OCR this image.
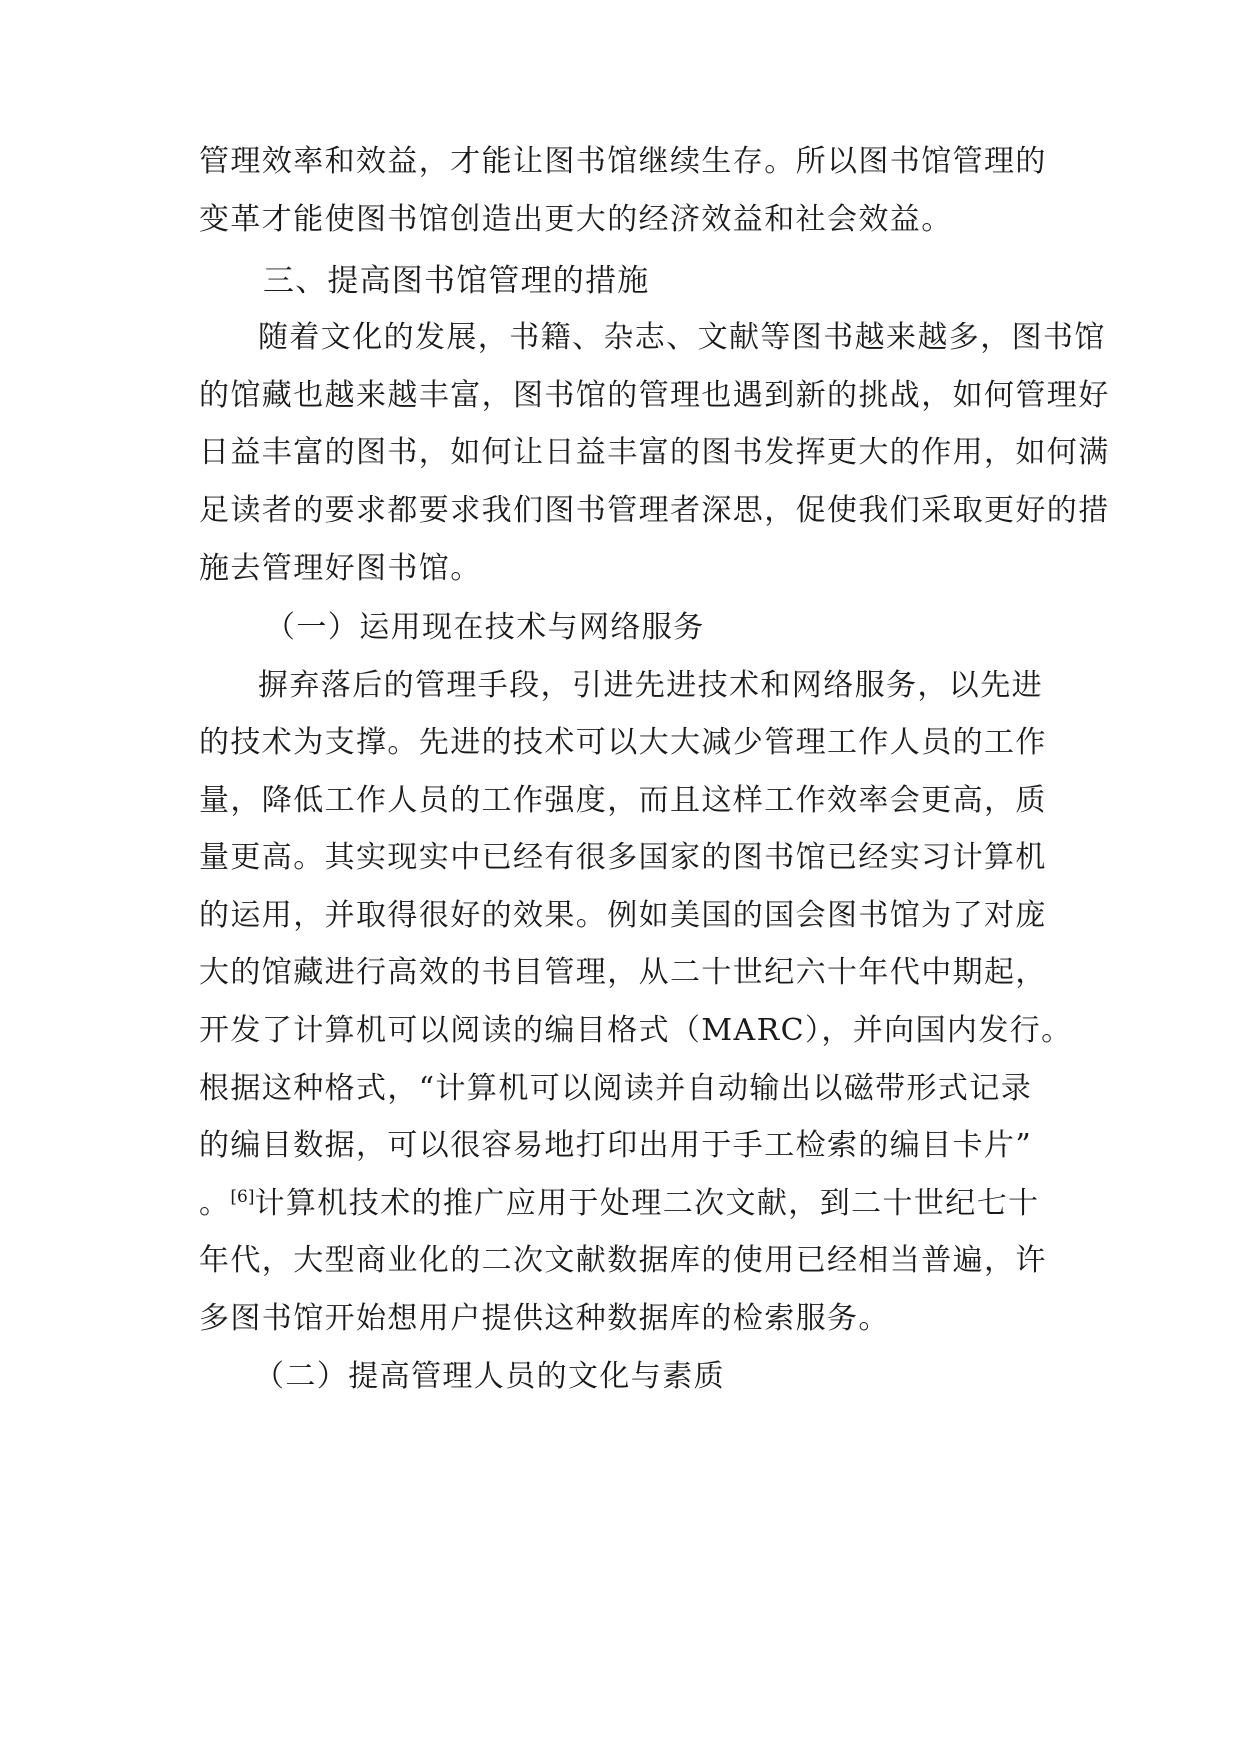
管理效率和效益，才能让图书馆继续生存。所以图书馆管理的
变革才能使图书馆创造出更大的经济效益和社会效益。
三、提高图书馆管理的措施
随着文化的发展，书籍、杂志、文献等图书越来越多，图书馆
的馆藏也越来越丰富，图书馆的管理也遇到新的挑战，如何管理好
日益丰富的图书，如何让日益丰富的图书发挥更大的作用，如何满
足读者的要求都要求我们图书管理者深思，促使我们采取更好的措
施去管理好图书馆。
（一）运用现在技术与网络服务
摒弃落后的管理手段，引进先进技术和网络服务，以先进
的技术为支撑。先进的技术可以大大减少管理工作人员的工作
量，降低工作人员的工作强度，而且这样工作效率会更高，质
量更高。其实现实中已经有很多国家的图书馆已经实习计算机
的运用，并取得很好的效果。例如美国的国会图书馆为了对庞
大的馆藏进行高效的书目管理，从二十世纪六十年代中期起，
开发了计算机可以阅读的编目格式（MARC），并向国内发行。
根据这种格式，“计算机可以阅读并自动输出以磁带形式记录
的编目数据，可以很容易地打印出用于手工检索的编目卡片”
。[6]计算机技术的推广应用于处理二次文献，到二十世纪七十
年代，大型商业化的二次文献数据库的使用已经相当普遍，许
多图书馆开始想用户提供这种数据库的检索服务。
（二）提高管理人员的文化与素质
